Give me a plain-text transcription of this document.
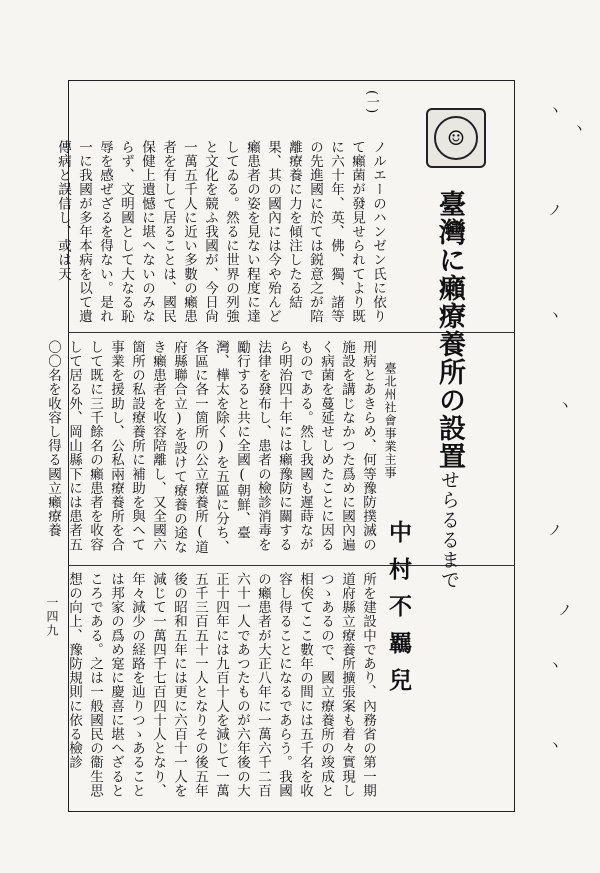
☺
臺灣に癩療養所の設置せらるるまで
臺北州社會事業主事
中村不羈兒
(一)
ノルエーのハンゼン氏に依りて癩菌が發見せられてより既に六十年、英、佛、獨、諸等の先進國に於ては鋭意之が陪離療養に力を傾注したる結果、其の國內には今や殆んど癩患者の姿を見ない程度に達してゐる。然るに世界の列強と文化を競ふ我國が、今日尙一萬五千人に近い多數の癩患者を有して居ることは、國民保健上遺憾に堪へないのみならず、文明國として大なる恥辱を感ぜざるを得ない。是れ一に我國が多年本病を以て遺傳病と誤信し、或は天
刑病とあきらめ、何等豫防撲滅の施設を講じなかつた爲めに國內遍く病菌を蔓延せしめたことに因るものである。然し我國も遲蒔ながら明治四十年には癩豫防に關する法律を發布し、患者の檢診消毒を勵行すると共に全國(朝鮮、臺灣、樺太を除く)を五區に分ち、各區に各一箇所の公立療養所(道府縣聯合立)を設けて療養の途なき癩患者を收容陪離し、又全國六箇所の私設療養所に補助を與へて事業を援助し、公私兩療養所を合して既に三千餘名の癩患者を收容して居る外、岡山縣下には患者五〇〇名を收容し得る國立癩療養
所を建設中であり、內務省の第一期道府縣立療養所擴張案も着々實現しつゝあるので、國立療養所の竣成と相俟てここ數年の間には五千名を收容し得ることになるであらう。我國の癩患者が大正八年に一萬六千二百六十一人であつたものが六年後の大正十四年には九百十人を減じて一萬五千三百五十一人となりその後五年後の昭和五年には更に六百十一人を減じて一萬四千七百四十人となり、年々減少の経路を辿りつゝあることは邦家の爲め寔に慶喜に堪へざるところである。之は一般國民の衞生思想の向上、豫防規則に依る檢診
一四九
ヽ
ヽ
ノ
ヽ
ヽ
ノ
ノ
ヽ
ヽ
